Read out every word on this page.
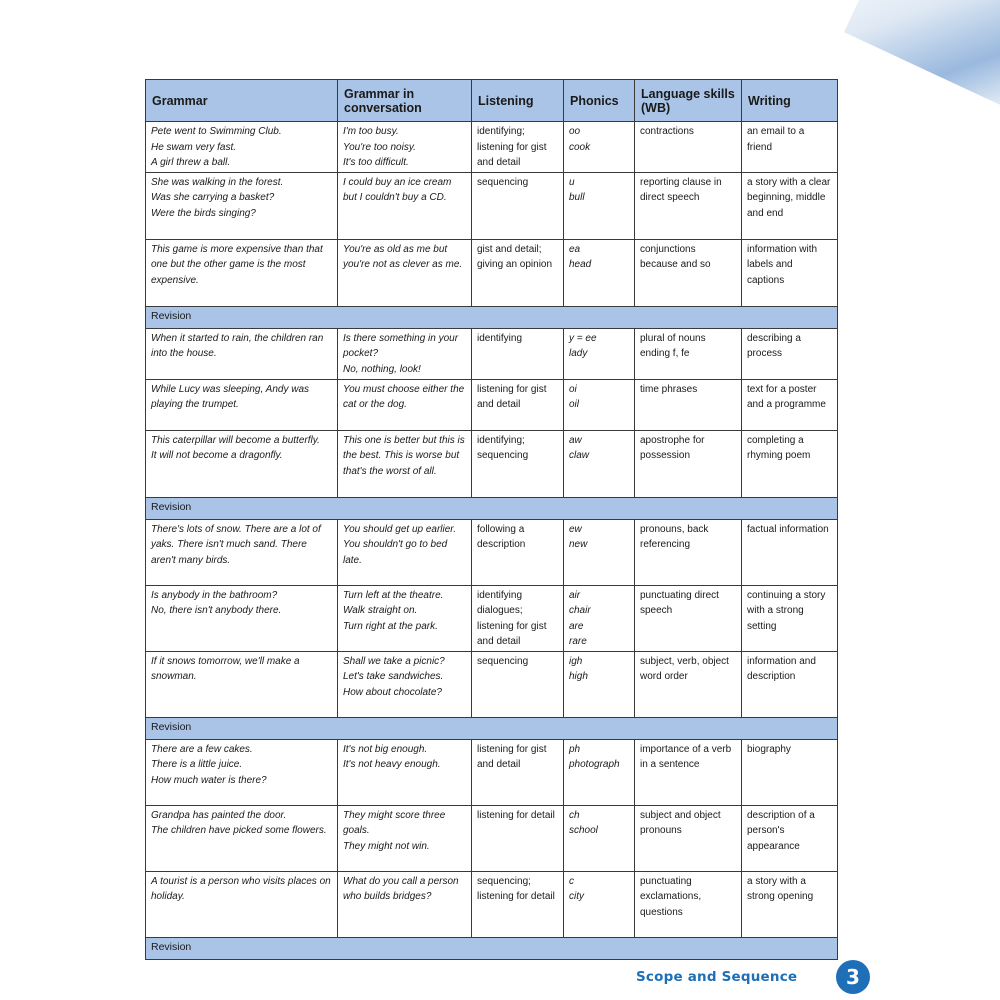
Grammar	Grammar in conversation	Listening	Phonics	Language skills (WB)	Writing

Pete went to Swimming Club.
He swam very fast.
A girl threw a ball.	I'm too busy.
You're too noisy.
It's too difficult.	identifying; listening for gist and detail	oo
cook	contractions	an email to a friend

She was walking in the forest.
Was she carrying a basket?
Were the birds singing?	I could buy an ice cream
but I couldn't buy a CD.	sequencing	u
bull	reporting clause in direct speech	a story with a clear beginning, middle and end

This game is more expensive than that one but the other game is the most expensive.	You're as old as me but you're not as clever as me.	gist and detail; giving an opinion	ea
head	conjunctions because and so	information with labels and captions

Revision					

When it started to rain, the children ran into the house.	Is there something in your pocket?
No, nothing, look!	identifying	y = ee
lady	plural of nouns ending f, fe	describing a process

While Lucy was sleeping, Andy was playing the trumpet.	You must choose either the cat or the dog.	listening for gist and detail	oi
oil	time phrases	text for a poster and a programme

This caterpillar will become a butterfly.
It will not become a dragonfly.	This one is better but this is the best. This is worse but that's the worst of all.	identifying; sequencing	aw
claw	apostrophe for possession	completing a rhyming poem

Revision					

There's lots of snow. There are a lot of yaks. There isn't much sand. There aren't many birds.	You should get up earlier.
You shouldn't go to bed late.	following a description	ew
new	pronouns, back referencing	factual information

Is anybody in the bathroom?
No, there isn't anybody there.	Turn left at the theatre.
Walk straight on.
Turn right at the park.	identifying dialogues; listening for gist and detail	air
chair
are
rare	punctuating direct speech	continuing a story with a strong setting

If it snows tomorrow, we'll make a snowman.	Shall we take a picnic?
Let's take sandwiches.
How about chocolate?	sequencing	igh
high	subject, verb, object word order	information and description

Revision					

There are a few cakes.
There is a little juice.
How much water is there?	It's not big enough.
It's not heavy enough.	listening for gist and detail	ph
photograph	importance of a verb in a sentence	biography

Grandpa has painted the door.
The children have picked some flowers.	They might score three goals.
They might not win.	listening for detail	ch
school	subject and object pronouns	description of a person's appearance

A tourist is a person who visits places on holiday.	What do you call a person who builds bridges?	sequencing; listening for detail	c
city	punctuating exclamations, questions	a story with a strong opening

Revision					
Scope and Sequence	3
